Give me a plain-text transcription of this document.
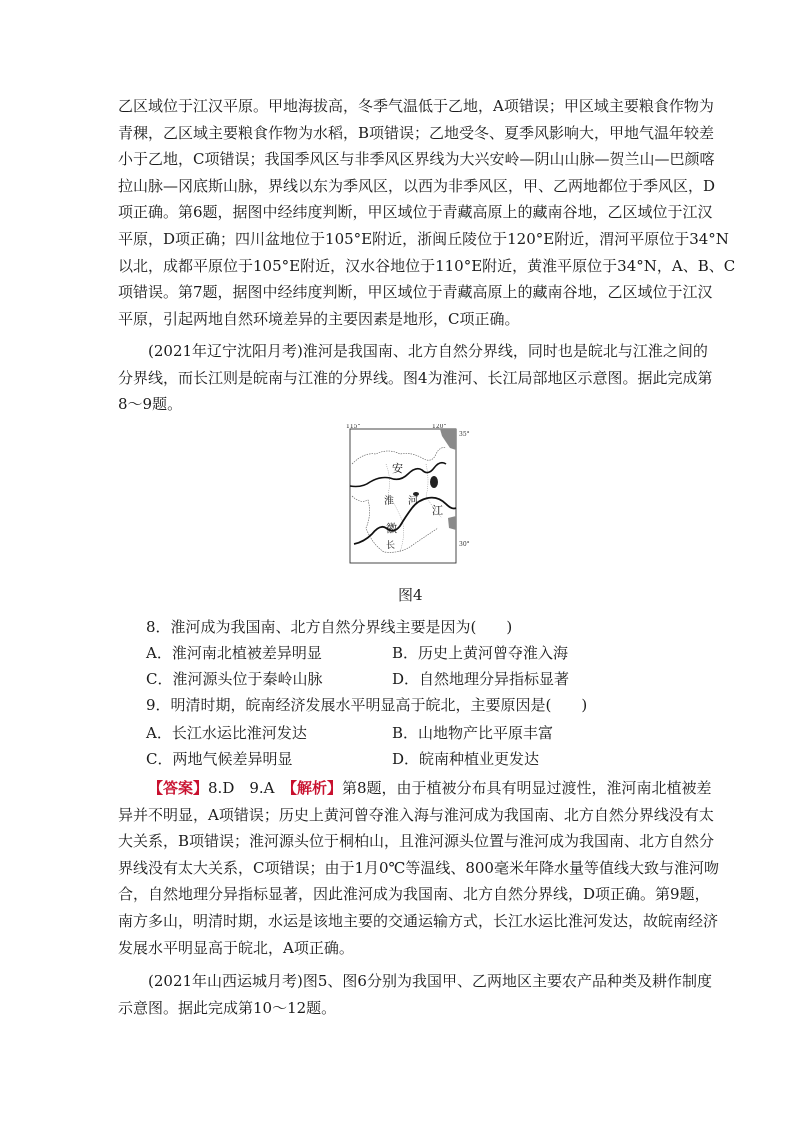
乙区域位于江汉平原。甲地海拔高，冬季气温低于乙地，A项错误；甲区域主要粮食作物为
青稞，乙区域主要粮食作物为水稻，B项错误；乙地受冬、夏季风影响大，甲地气温年较差
小于乙地，C项错误；我国季风区与非季风区界线为大兴安岭—阴山山脉—贺兰山—巴颜喀
拉山脉—冈底斯山脉，界线以东为季风区，以西为非季风区，甲、乙两地都位于季风区，D
项正确。第6题，据图中经纬度判断，甲区域位于青藏高原上的藏南谷地，乙区域位于江汉
平原，D项正确；四川盆地位于105°E附近，浙闽丘陵位于120°E附近，渭河平原位于34°N
以北，成都平原位于105°E附近，汉水谷地位于110°E附近，黄淮平原位于34°N，A、B、C
项错误。第7题，据图中经纬度判断，甲区域位于青藏高原上的藏南谷地，乙区域位于江汉
平原，引起两地自然环境差异的主要因素是地形，C项正确。
(2021年辽宁沈阳月考)淮河是我国南、北方自然分界线，同时也是皖北与江淮之间的
分界线，而长江则是皖南与江淮的分界线。图4为淮河、长江局部地区示意图。据此完成第
8～9题。
115°	120°
35°
30°
安
淮 河
江
徽
长
图4
8．淮河成为我国南、北方自然分界线主要是因为(　　)
A．淮河南北植被差异明显	B．历史上黄河曾夺淮入海
C．淮河源头位于秦岭山脉	D．自然地理分异指标显著
9．明清时期，皖南经济发展水平明显高于皖北，主要原因是(　　)
A．长江水运比淮河发达	B．山地物产比平原丰富
C．两地气候差异明显	D．皖南种植业更发达
【答案】8.D　9.A　【解析】第8题，由于植被分布具有明显过渡性，淮河南北植被差
异并不明显，A项错误；历史上黄河曾夺淮入海与淮河成为我国南、北方自然分界线没有太
大关系，B项错误；淮河源头位于桐柏山，且淮河源头位置与淮河成为我国南、北方自然分
界线没有太大关系，C项错误；由于1月0℃等温线、800毫米年降水量等值线大致与淮河吻
合，自然地理分异指标显著，因此淮河成为我国南、北方自然分界线，D项正确。第9题，
南方多山，明清时期，水运是该地主要的交通运输方式，长江水运比淮河发达，故皖南经济
发展水平明显高于皖北，A项正确。
(2021年山西运城月考)图5、图6分别为我国甲、乙两地区主要农产品种类及耕作制度
示意图。据此完成第10～12题。
